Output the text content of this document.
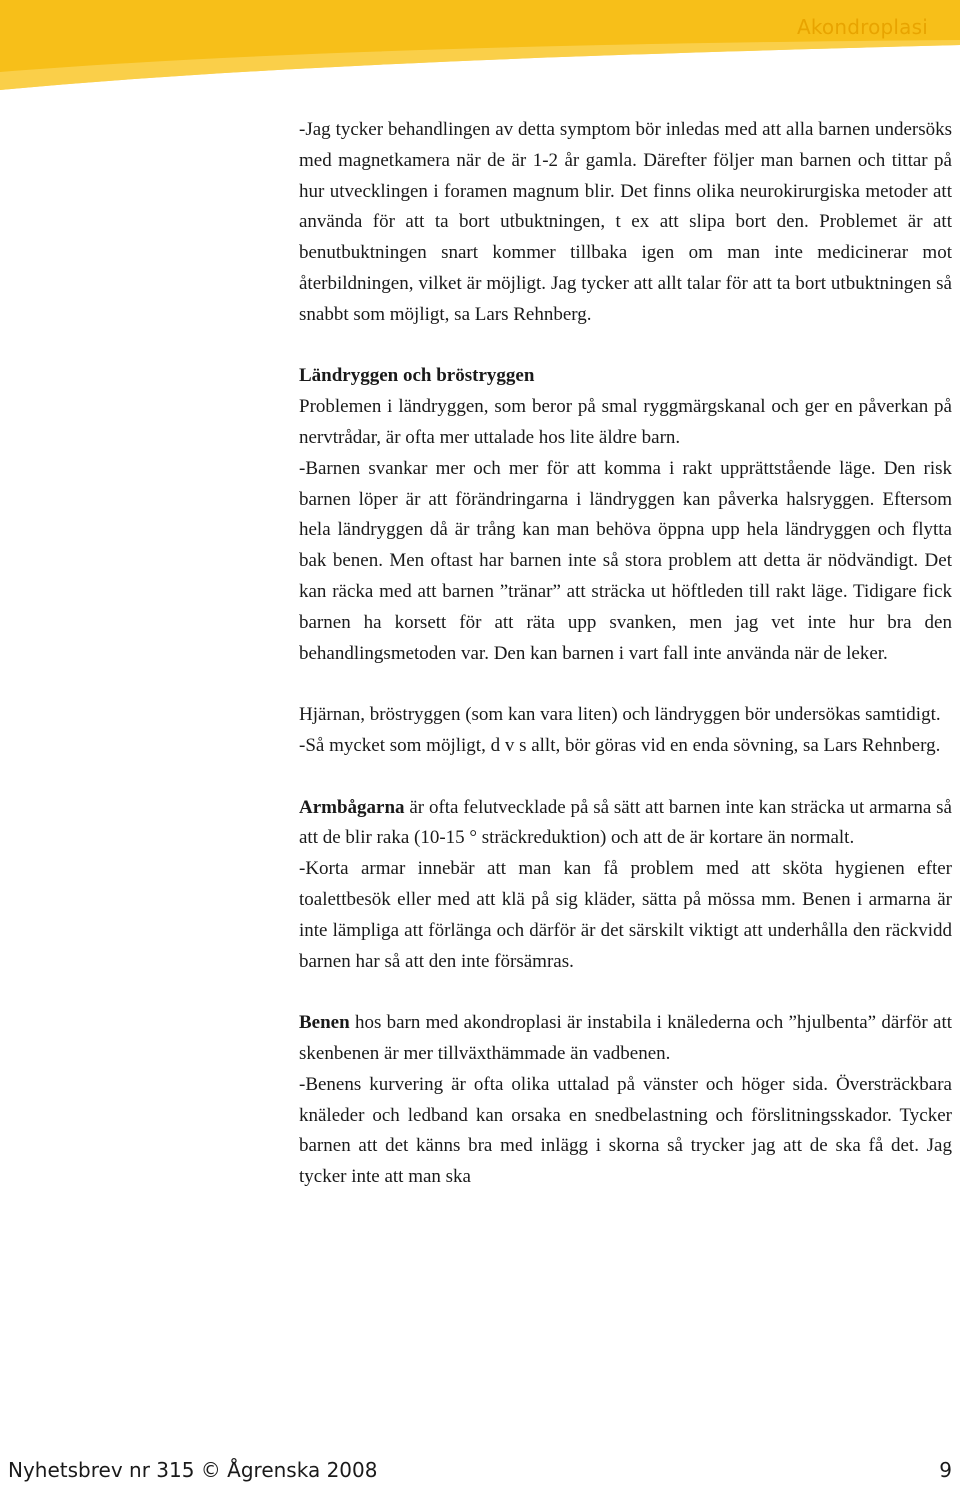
Akondroplasi

-Jag tycker behandlingen av detta symptom bör inledas med att alla barnen undersöks med magnetkamera när de är 1-2 år gamla. Därefter följer man barnen och tittar på hur utvecklingen i foramen magnum blir. Det finns olika neurokirurgiska metoder att använda för att ta bort utbuktningen, t ex att slipa bort den. Problemet är att benutbuktningen snart kommer tillbaka igen om man inte medicinerar mot återbildningen, vilket är möjligt. Jag tycker att allt talar för att ta bort utbuktningen så snabbt som möjligt, sa Lars Rehnberg.

Ländryggen och bröstryggen

Problemen i ländryggen, som beror på smal ryggmärgskanal och ger en påverkan på nervtrådar, är ofta mer uttalade hos lite äldre barn.

-Barnen svankar mer och mer för att komma i rakt upprättstående läge. Den risk barnen löper är att förändringarna i ländryggen kan påverka halsryggen. Eftersom hela ländryggen då är trång kan man behöva öppna upp hela ländryggen och flytta bak benen. Men oftast har barnen inte så stora problem att detta är nödvändigt. Det kan räcka med att barnen ”tränar” att sträcka ut höftleden till rakt läge. Tidigare fick barnen ha korsett för att räta upp svanken, men jag vet inte hur bra den behandlingsmetoden var. Den kan barnen i vart fall inte använda när de leker.

Hjärnan, bröstryggen (som kan vara liten) och ländryggen bör undersökas samtidigt.

-Så mycket som möjligt, d v s allt, bör göras vid en enda sövning, sa Lars Rehnberg.

Armbågarna är ofta felutvecklade på så sätt att barnen inte kan sträcka ut armarna så att de blir raka (10-15 ° sträckreduktion) och att de är kortare än normalt.

-Korta armar innebär att man kan få problem med att sköta hygienen efter toalettbesök eller med att klä på sig kläder, sätta på mössa mm. Benen i armarna är inte lämpliga att förlänga och därför är det särskilt viktigt att underhålla den räckvidd barnen har så att den inte försämras.

Benen hos barn med akondroplasi är instabila i knälederna och ”hjulbenta” därför att skenbenen är mer tillväxthämmade än vadbenen.

-Benens kurvering är ofta olika uttalad på vänster och höger sida. Översträckbara knäleder och ledband kan orsaka en snedbelastning och förslitningsskador. Tycker barnen att det känns bra med inlägg i skorna så trycker jag att de ska få det. Jag tycker inte att man ska

Nyhetsbrev nr 315 © Ågrenska 2008	9
